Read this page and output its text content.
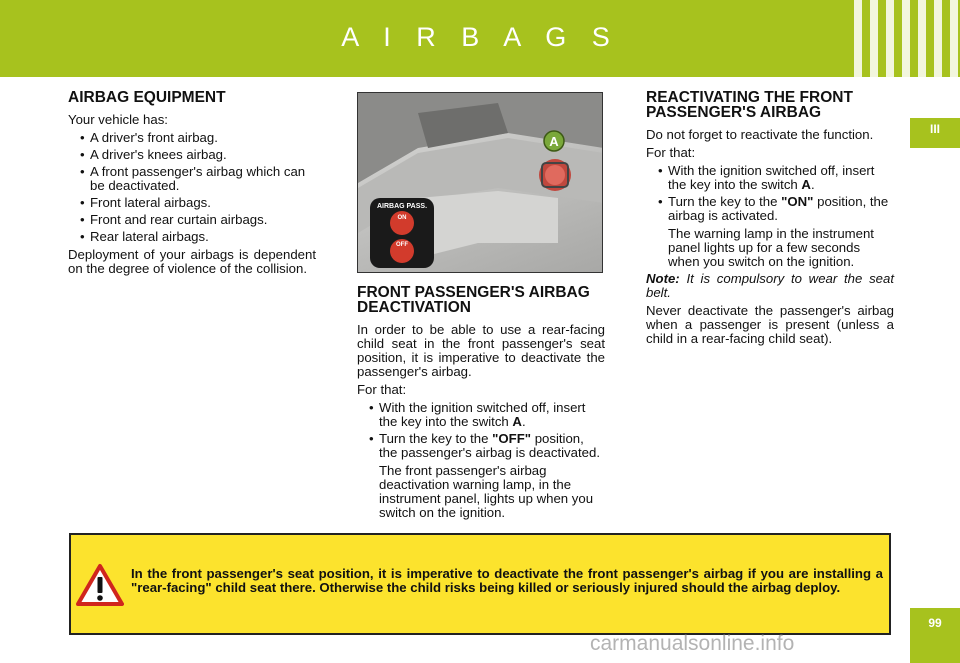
A I R B A G S
III
99
AIRBAG EQUIPMENT

Your vehicle has:

• A driver's front airbag.
• A driver's knees airbag.
• A front passenger's airbag which can be deactivated.
• Front lateral airbags.
• Front and rear curtain airbags.
• Rear lateral airbags.

Deployment of your airbags is dependent on the degree of violence of the collision.

A
AIRBAG PASS.
ON
OFF
FRONT PASSENGER'S AIRBAG DEACTIVATION

In order to be able to use a rear-facing child seat in the front passenger's seat position, it is imperative to deactivate the passenger's airbag.

For that:

• With the ignition switched off, insert the key into the switch A.
• Turn the key to the "OFF" position, the passenger's airbag is deactivated.

The front passenger's airbag deactivation warning lamp, in the instrument panel, lights up when you switch on the ignition.

REACTIVATING THE FRONT PASSENGER'S AIRBAG

Do not forget to reactivate the function.

For that:

• With the ignition switched off, insert the key into the switch A.
• Turn the key to the "ON" position, the airbag is activated.

The warning lamp in the instrument panel lights up for a few seconds when you switch on the ignition.

Note: It is compulsory to wear the seat belt.

Never deactivate the passenger's airbag when a passenger is present (unless a child in a rear-facing child seat).

In the front passenger's seat position, it is imperative to deactivate the front passenger's airbag if you are installing a "rear-facing" child seat there. Otherwise the child risks being killed or seriously injured should the airbag deploy.
carmanualsonline.info
